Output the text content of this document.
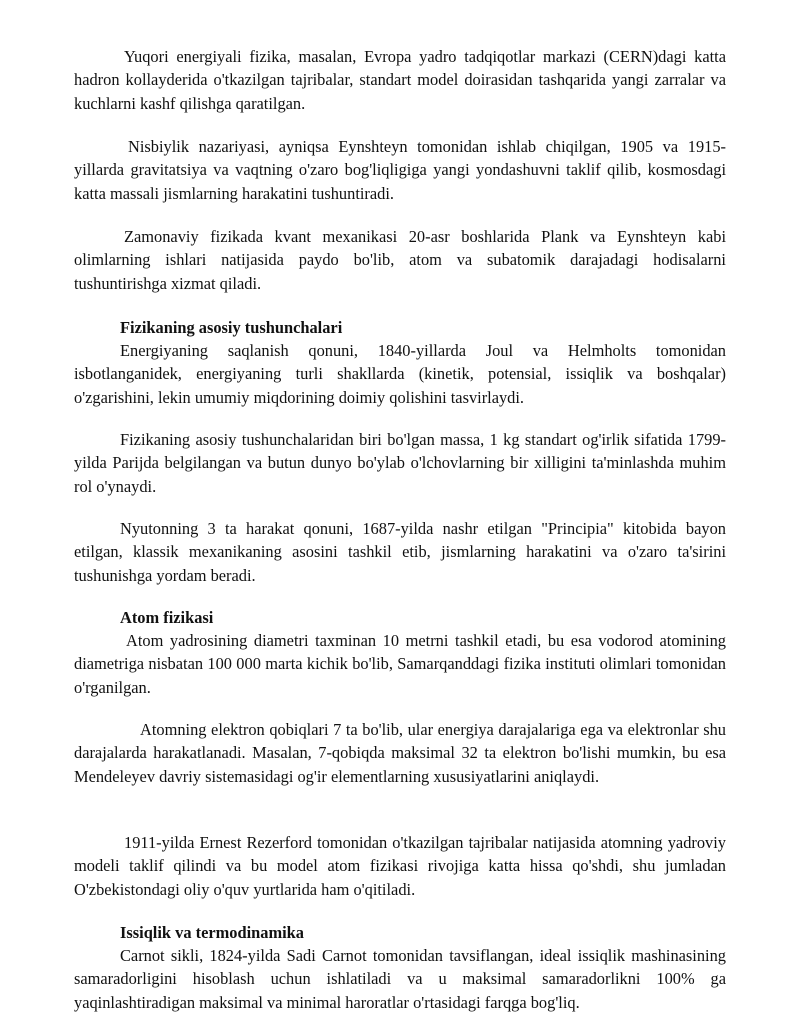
Yuqori energiyali fizika, masalan, Evropa yadro tadqiqotlar markazi (CERN)dagi katta hadron kollayderida o'tkazilgan tajribalar, standart model doirasidan tashqarida yangi zarralar va kuchlarni kashf qilishga qaratilgan.

Nisbiylik nazariyasi, ayniqsa Eynshteyn tomonidan ishlab chiqilgan, 1905 va 1915-yillarda gravitatsiya va vaqtning o'zaro bog'liqligiga yangi yondashuvni taklif qilib, kosmosdagi katta massali jismlarning harakatini tushuntiradi.

Zamonaviy fizikada kvant mexanikasi 20-asr boshlarida Plank va Eynshteyn kabi olimlarning ishlari natijasida paydo bo'lib, atom va subatomik darajadagi hodisalarni tushuntirishga xizmat qiladi.

Fizikaning asosiy tushunchalari

Energiyaning saqlanish qonuni, 1840-yillarda Joul va Helmholts tomonidan isbotlanganidek, energiyaning turli shakllarda (kinetik, potensial, issiqlik va boshqalar) o'zgarishini, lekin umumiy miqdorining doimiy qolishini tasvirlaydi.

Fizikaning asosiy tushunchalaridan biri bo'lgan massa, 1 kg standart og'irlik sifatida 1799-yilda Parijda belgilangan va butun dunyo bo'ylab o'lchovlarning bir xilligini ta'minlashda muhim rol o'ynaydi.

Nyutonning 3 ta harakat qonuni, 1687-yilda nashr etilgan "Principia" kitobida bayon etilgan, klassik mexanikaning asosini tashkil etib, jismlarning harakatini va o'zaro ta'sirini tushunishga yordam beradi.

Atom fizikasi

Atom yadrosining diametri taxminan 10 metrni tashkil etadi, bu esa vodorod atomining diametriga nisbatan 100 000 marta kichik bo'lib, Samarqanddagi fizika instituti olimlari tomonidan o'rganilgan.

Atomning elektron qobiqlari 7 ta bo'lib, ular energiya darajalariga ega va elektronlar shu darajalarda harakatlanadi. Masalan, 7-qobiqda maksimal 32 ta elektron bo'lishi mumkin, bu esa Mendeleyev davriy sistemasidagi og'ir elementlarning xususiyatlarini aniqlaydi.

1911-yilda Ernest Rezerford tomonidan o'tkazilgan tajribalar natijasida atomning yadroviy modeli taklif qilindi va bu model atom fizikasi rivojiga katta hissa qo'shdi, shu jumladan O'zbekistondagi oliy o'quv yurtlarida ham o'qitiladi.

Issiqlik va termodinamika

Carnot sikli, 1824-yilda Sadi Carnot tomonidan tavsiflangan, ideal issiqlik mashinasining samaradorligini hisoblash uchun ishlatiladi va u maksimal samaradorlikni 100% ga yaqinlashtiradigan maksimal va minimal haroratlar o'rtasidagi farqga bog'liq.
